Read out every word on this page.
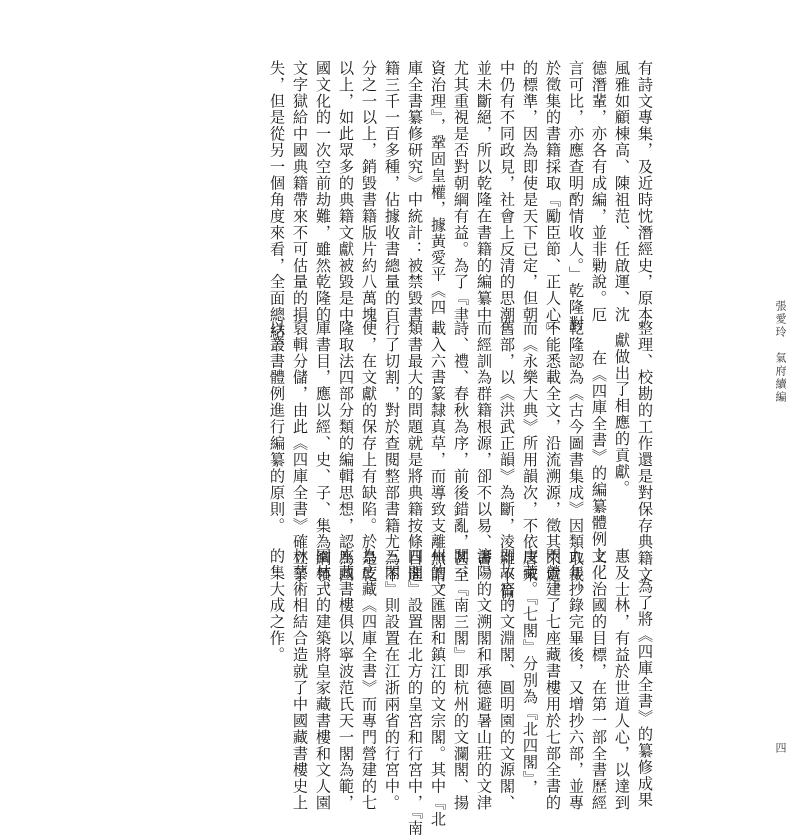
張愛玲　氣府續編
四
有詩文專集，及近時忱潛經史，原本
風雅如顧棟高、陳祖范、任啟運、沈
德潛輩，亦各有成編，並非勦說。厄
言可比，亦應查明酌情收人。」乾隆對
於徵集的書籍採取『勵臣節、正人心』
的標準，因為即使是天下已定，但朝
中仍有不同政見，社會上反清的思潮
並未斷絕，所以乾隆在書籍的編纂中
尤其重視是否對朝綱有益。為了『聿
資治理』，鞏固皇權，據黃愛平《四
庫全書纂修研究》中統計：被禁毀書
籍三千一百多種，佔據收書總量的百
分之一以上，銷毀書籍版片約八萬塊
以上，如此眾多的典籍文獻被毀是中
國文化的一次空前劫難，雖然乾隆的
文字獄給中國典籍帶來不可估量的損
失，但是從另一個角度來看，全面總結、
整理、校勘的工作還是對保存典籍文
獻做出了相應的貢獻。
在《四庫全書》的編纂體例上，
乾隆認為《古今圖書集成》因類取裁，
不能悉載全文，沿流溯源，徵其來處。
而《永樂大典》所用韻次，不依唐宋
舊部，以《洪武正韻》為斷，淩雜不倫。
而經訓為群籍根源，卻不以易、書、
詩、禮、春秋為序，前後錯亂，甚至
載入六書篆隸真草，而導致支離無謂。
類書最大的問題就是將典籍按條目進
行了切割，對於查閱整部書籍尤為不
便，在文獻的保存上有缺陷。於是乾
隆取法四部分類的編輯思想，認為四
庫書目，應以經、史、子、集為綱領，
裒輯分儲，由此《四庫全書》確立了
以叢書體例進行編纂的原則。
為了將《四庫全書》的纂修成果
惠及士林，有益於世道人心，以達到
文化治國的目標，在第一部全書歷經
九年抄錄完畢後，又增抄六部，並專
門營建了七座藏書樓用於七部全書的
庋藏。『七閣』分別為『北四閣』，
即故宮的文淵閣、圓明園的文源閣、
瀋陽的文溯閣和承德避暑山莊的文津
閣；『南三閣』即杭州的文瀾閣、揚
州的文匯閣和鎮江的文宗閣。其中『北
四閣』設置在北方的皇宮和行宮中，『南
三閣』則設置在江浙兩省的行宮中。
為庋藏《四庫全書》而專門營建的七
座藏書樓俱以寧波范氏天一閣為範，
園林式的建築將皇家藏書樓和文人園
林藝術相結合造就了中國藏書樓史上
的集大成之作。
